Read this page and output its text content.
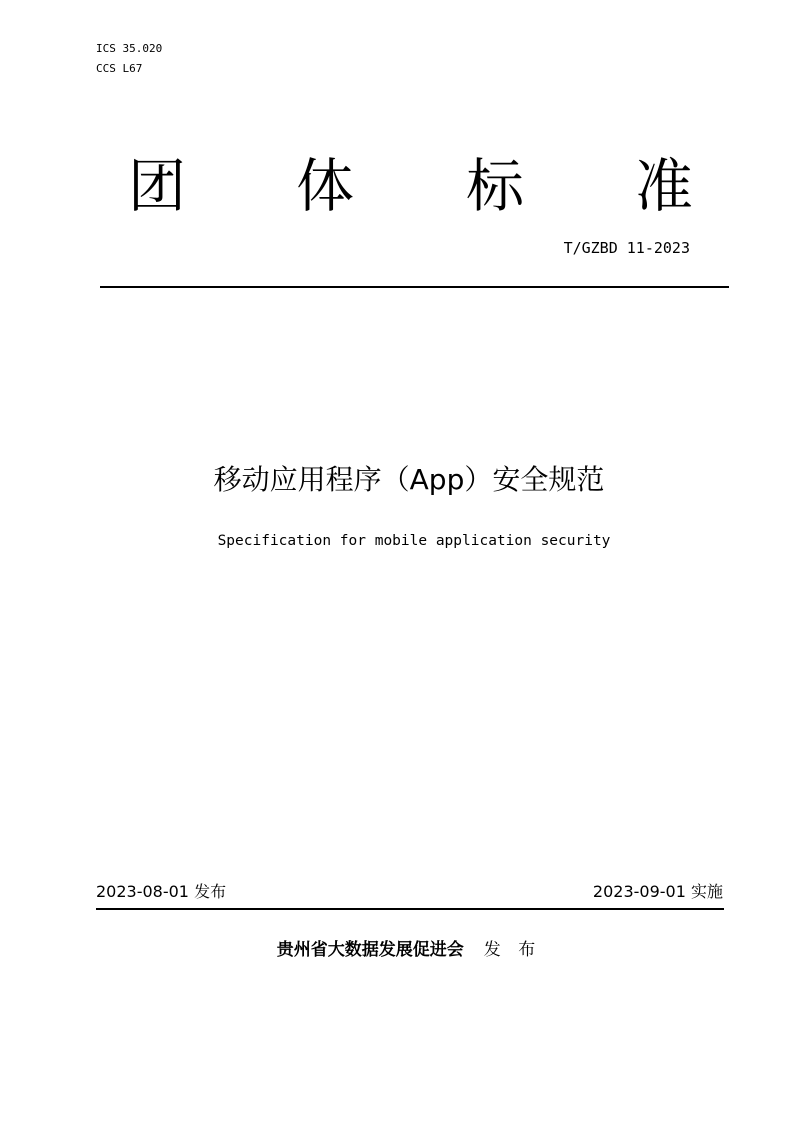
ICS 35.020
CCS L67
团 体 标 准
T/GZBD 11-2023
移动应用程序（App）安全规范
Specification for mobile application security
2023-08-01 发布	2023-09-01 实施
贵州省大数据发展促进会 发 布
